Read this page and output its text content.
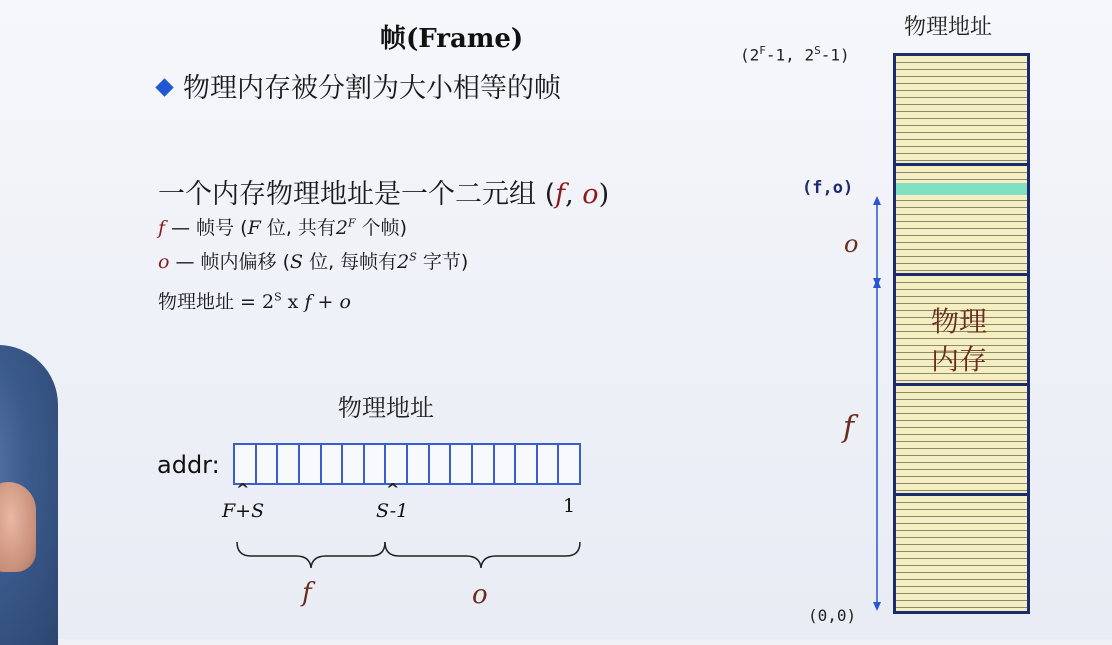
帧(Frame)
物理内存被分割为大小相等的帧
一个内存物理地址是一个二元组 (f, o)
f — 帧号 (F 位, 共有$2^F$ 个帧)
o — 帧内偏移 (S 位, 每帧有$2^S$ 字节)
物理地址 = $2^S$ x f + o
物理地址
addr:
^	^
F+S	S-1	1
f	o
物理地址
($2^F-1$, $2^S-1$)
物理
内存
(f,o)
o
f
(0,0)
